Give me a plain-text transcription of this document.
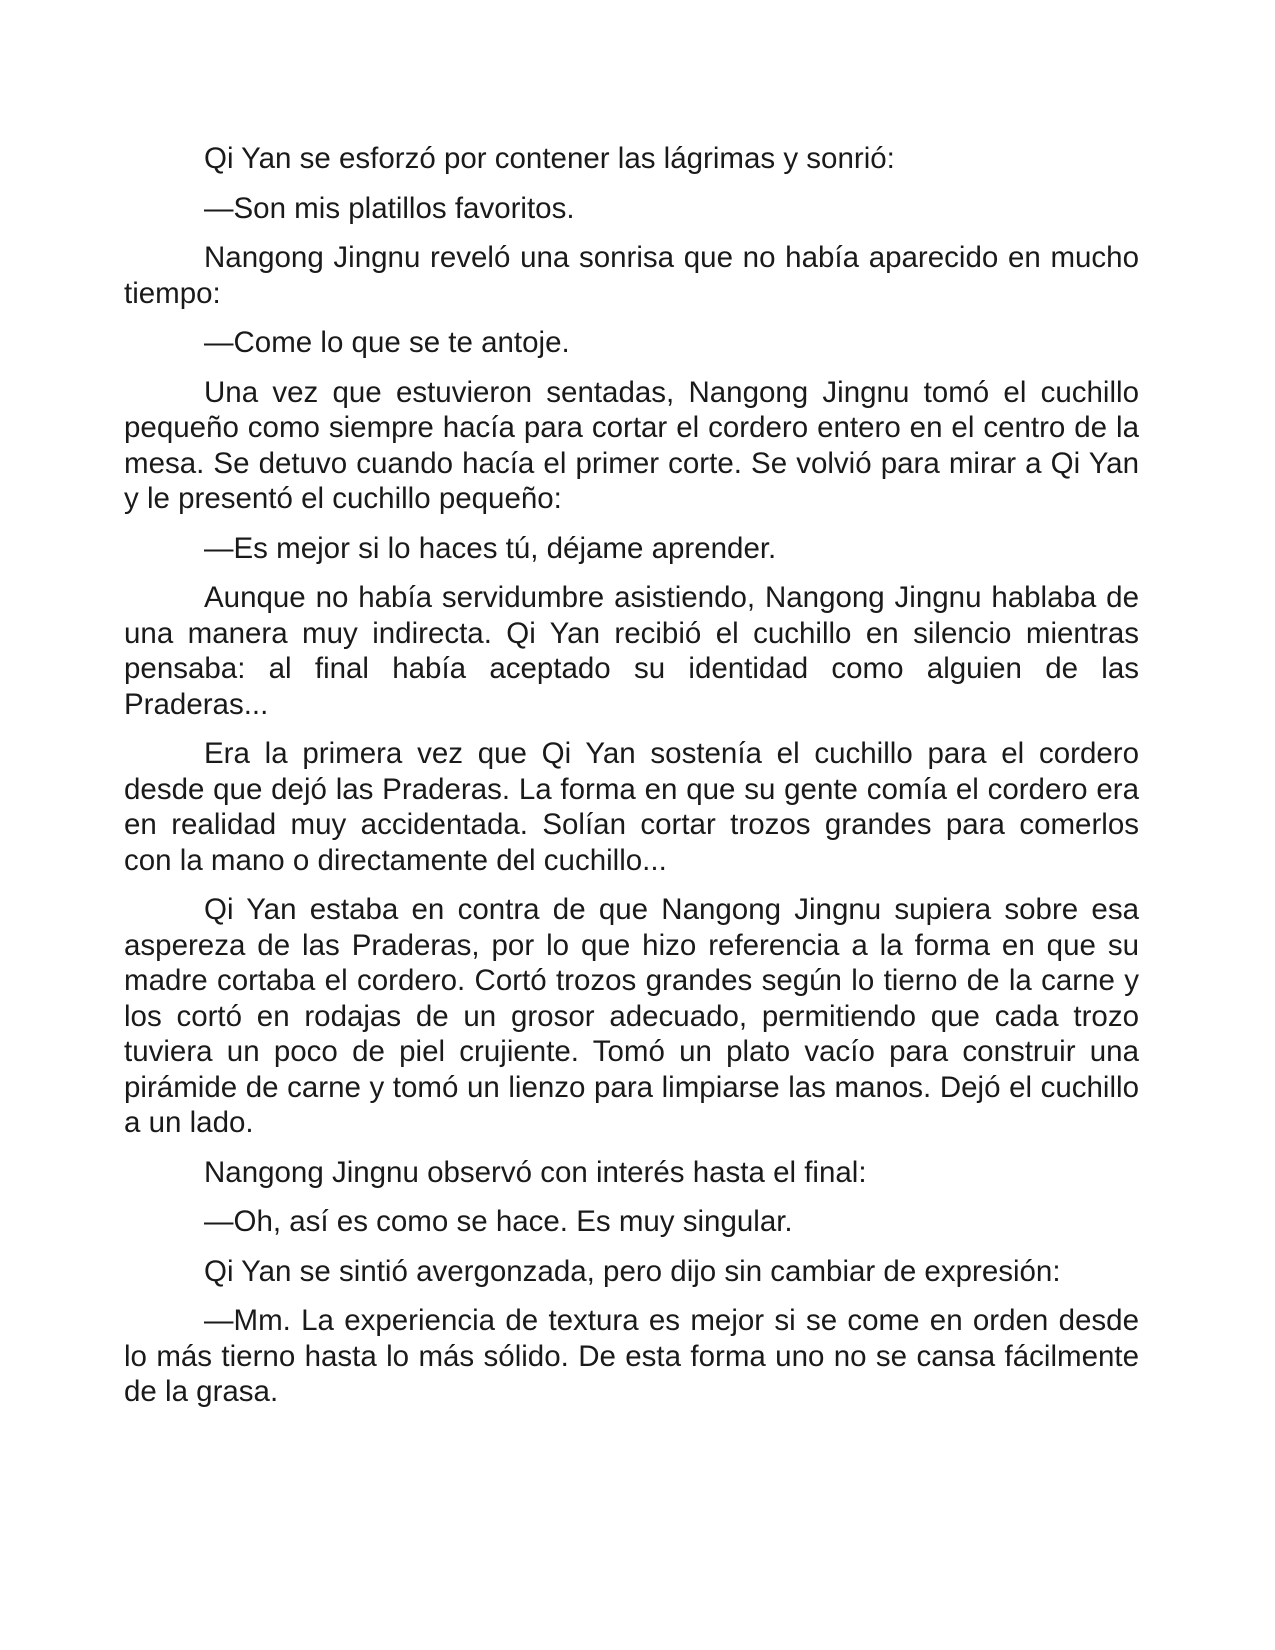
Qi Yan se esforzó por contener las lágrimas y sonrió:

—Son mis platillos favoritos.

Nangong Jingnu reveló una sonrisa que no había aparecido en mucho tiempo:

—Come lo que se te antoje.

Una vez que estuvieron sentadas, Nangong Jingnu tomó el cuchillo pequeño como siempre hacía para cortar el cordero entero en el centro de la mesa. Se detuvo cuando hacía el primer corte. Se volvió para mirar a Qi Yan y le presentó el cuchillo pequeño:

—Es mejor si lo haces tú, déjame aprender.

Aunque no había servidumbre asistiendo, Nangong Jingnu hablaba de una manera muy indirecta. Qi Yan recibió el cuchillo en silencio mientras pensaba: al final había aceptado su identidad como alguien de las Praderas...

Era la primera vez que Qi Yan sostenía el cuchillo para el cordero desde que dejó las Praderas. La forma en que su gente comía el cordero era en realidad muy accidentada. Solían cortar trozos grandes para comerlos con la mano o directamente del cuchillo...

Qi Yan estaba en contra de que Nangong Jingnu supiera sobre esa aspereza de las Praderas, por lo que hizo referencia a la forma en que su madre cortaba el cordero. Cortó trozos grandes según lo tierno de la carne y los cortó en rodajas de un grosor adecuado, permitiendo que cada trozo tuviera un poco de piel crujiente. Tomó un plato vacío para construir una pirámide de carne y tomó un lienzo para limpiarse las manos. Dejó el cuchillo a un lado.

Nangong Jingnu observó con interés hasta el final:

—Oh, así es como se hace. Es muy singular.

Qi Yan se sintió avergonzada, pero dijo sin cambiar de expresión:

—Mm. La experiencia de textura es mejor si se come en orden desde lo más tierno hasta lo más sólido. De esta forma uno no se cansa fácilmente de la grasa.
